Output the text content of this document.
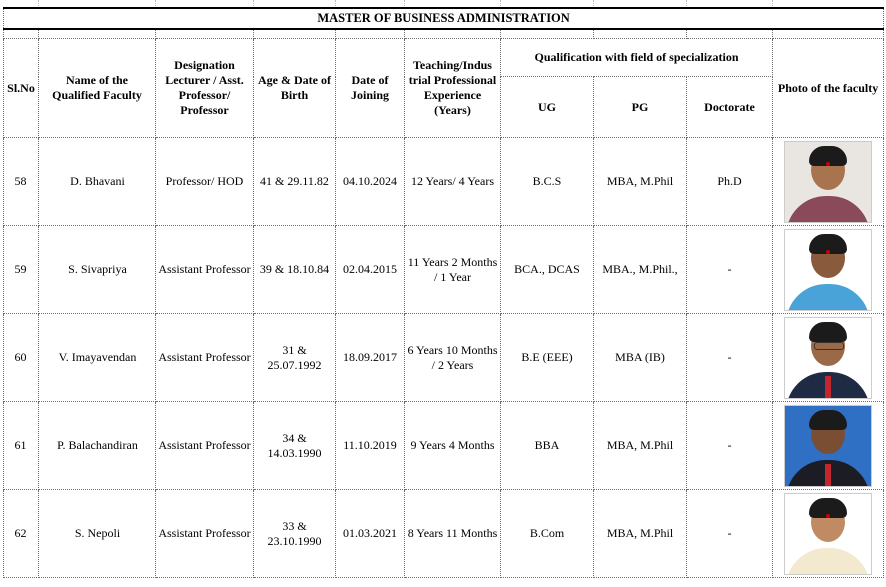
MASTER OF BUSINESS ADMINISTRATION									

Sl.No	Name of the Qualified Faculty	Designation Lecturer / Asst. Professor/ Professor	Age & Date of Birth	Date of Joining	Teaching/Indus trial Professional Experience (Years)	Qualification with field of specialization			Photo of the faculty
						UG	PG	Doctorate	
58	D. Bhavani	Professor/ HOD	41 & 29.11.82	04.10.2024	12 Years/ 4 Years	B.C.S	MBA, M.Phil	Ph.D	

59	S. Sivapriya	Assistant Professor	39 & 18.10.84	02.04.2015	11 Years 2 Months / 1 Year	BCA., DCAS	MBA., M.Phil.,	-	

60	V. Imayavendan	Assistant Professor	31 & 25.07.1992	18.09.2017	6 Years 10 Months / 2 Years	B.E (EEE)	MBA (IB)	-	

61	P. Balachandiran	Assistant Professor	34 & 14.03.1990	11.10.2019	9 Years 4 Months	BBA	MBA, M.Phil	-	

62	S. Nepoli	Assistant Professor	33 & 23.10.1990	01.03.2021	8 Years 11 Months	B.Com	MBA, M.Phil	-	
